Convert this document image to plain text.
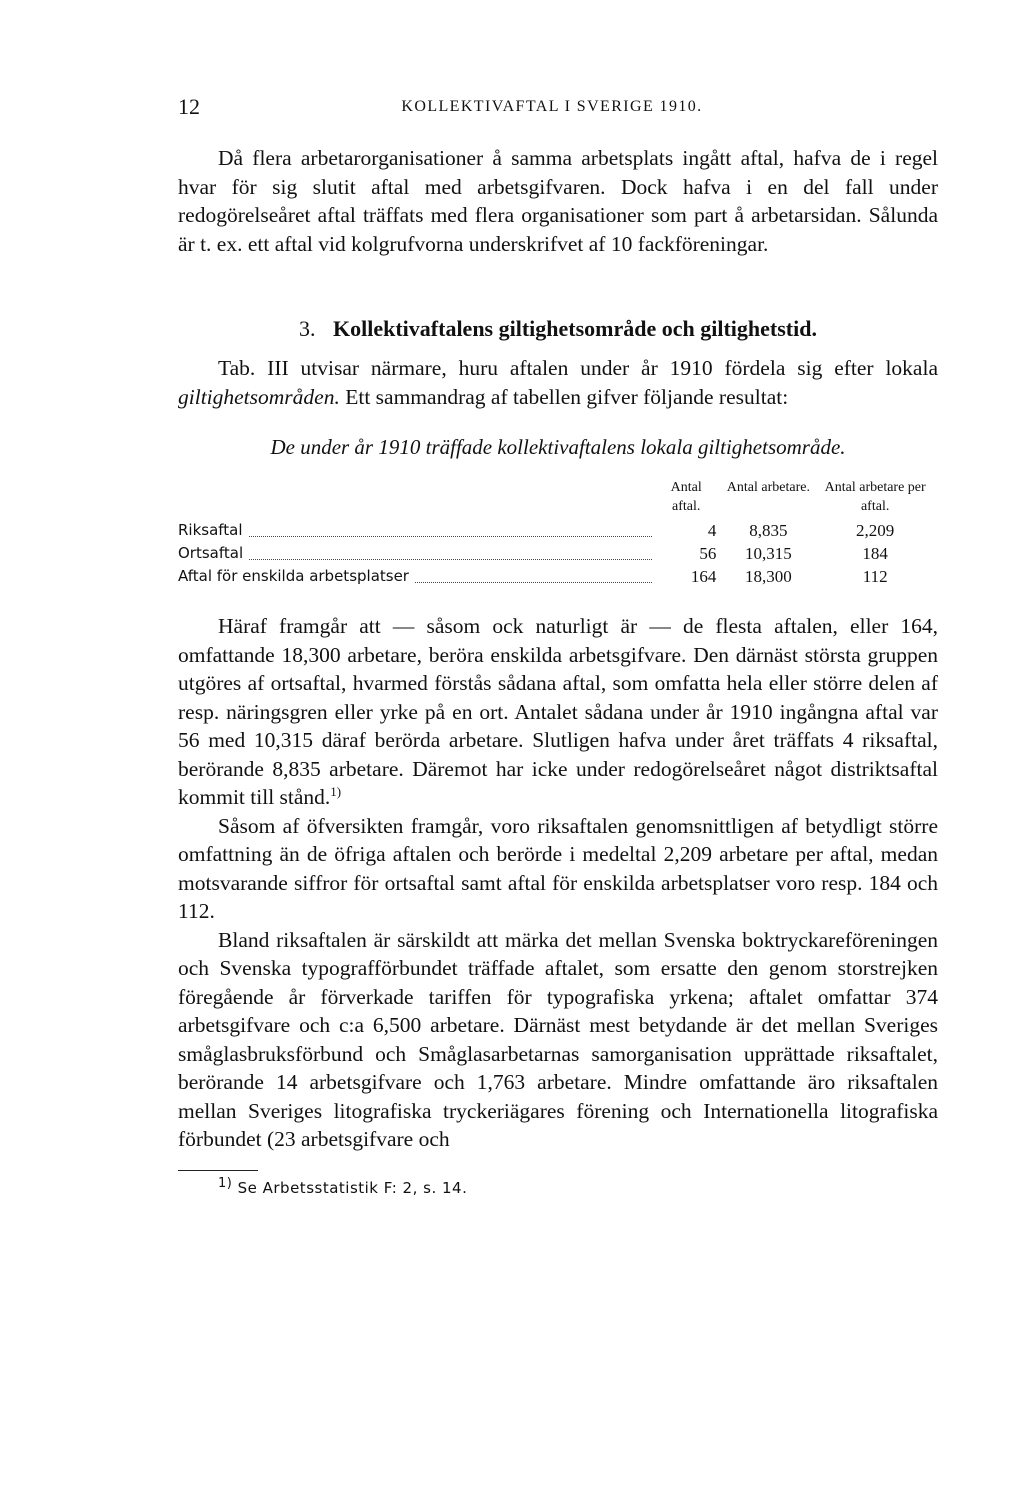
12	KOLLEKTIVAFTAL I SVERIGE 1910.

Då flera arbetarorganisationer å samma arbetsplats ingått aftal, hafva de i regel hvar för sig slutit aftal med arbetsgifvaren. Dock hafva i en del fall under redogörelseåret aftal träffats med flera organisationer som part å arbetarsidan. Sålunda är t. ex. ett aftal vid kolgrufvorna underskrifvet af 10 fackföreningar.

3. Kollektivaftalens giltighetsområde och giltighetstid.

Tab. III utvisar närmare, huru aftalen under år 1910 fördela sig efter lokala giltighetsområden. Ett sammandrag af tabellen gifver följande resultat:

De under år 1910 träffade kollektivaftalens lokala giltighetsområde.
	Antal aftal.	Antal arbetare.	Antal arbetare per aftal.

Riksaftal	4	8,835	2,209

Ortsaftal	56	10,315	184

Aftal för enskilda arbetsplatser	164	18,300	112

Häraf framgår att — såsom ock naturligt är — de flesta aftalen, eller 164, omfattande 18,300 arbetare, beröra enskilda arbetsgifvare. Den därnäst största gruppen utgöres af ortsaftal, hvarmed förstås sådana aftal, som omfatta hela eller större delen af resp. näringsgren eller yrke på en ort. Antalet sådana under år 1910 ingångna aftal var 56 med 10,315 däraf berörda arbetare. Slutligen hafva under året träffats 4 riksaftal, berörande 8,835 arbetare. Däremot har icke under redogörelseåret något distriktsaftal kommit till stånd.$^{1)}$

Såsom af öfversikten framgår, voro riksaftalen genomsnittligen af betydligt större omfattning än de öfriga aftalen och berörde i medeltal 2,209 arbetare per aftal, medan motsvarande siffror för ortsaftal samt aftal för enskilda arbetsplatser voro resp. 184 och 112.

Bland riksaftalen är särskildt att märka det mellan Svenska boktryckareföreningen och Svenska typografförbundet träffade aftalet, som ersatte den genom storstrejken föregående år förverkade tariffen för typografiska yrkena; aftalet omfattar 374 arbetsgifvare och c:a 6,500 arbetare. Därnäst mest betydande är det mellan Sveriges småglasbruksförbund och Småglasarbetarnas samorganisation upprättade riksaftalet, berörande 14 arbetsgifvare och 1,763 arbetare. Mindre omfattande äro riksaftalen mellan Sveriges litografiska tryckeriägares förening och Internationella litografiska förbundet (23 arbetsgifvare och

$^{1)}$ Se Arbetsstatistik F: 2, s. 14.
